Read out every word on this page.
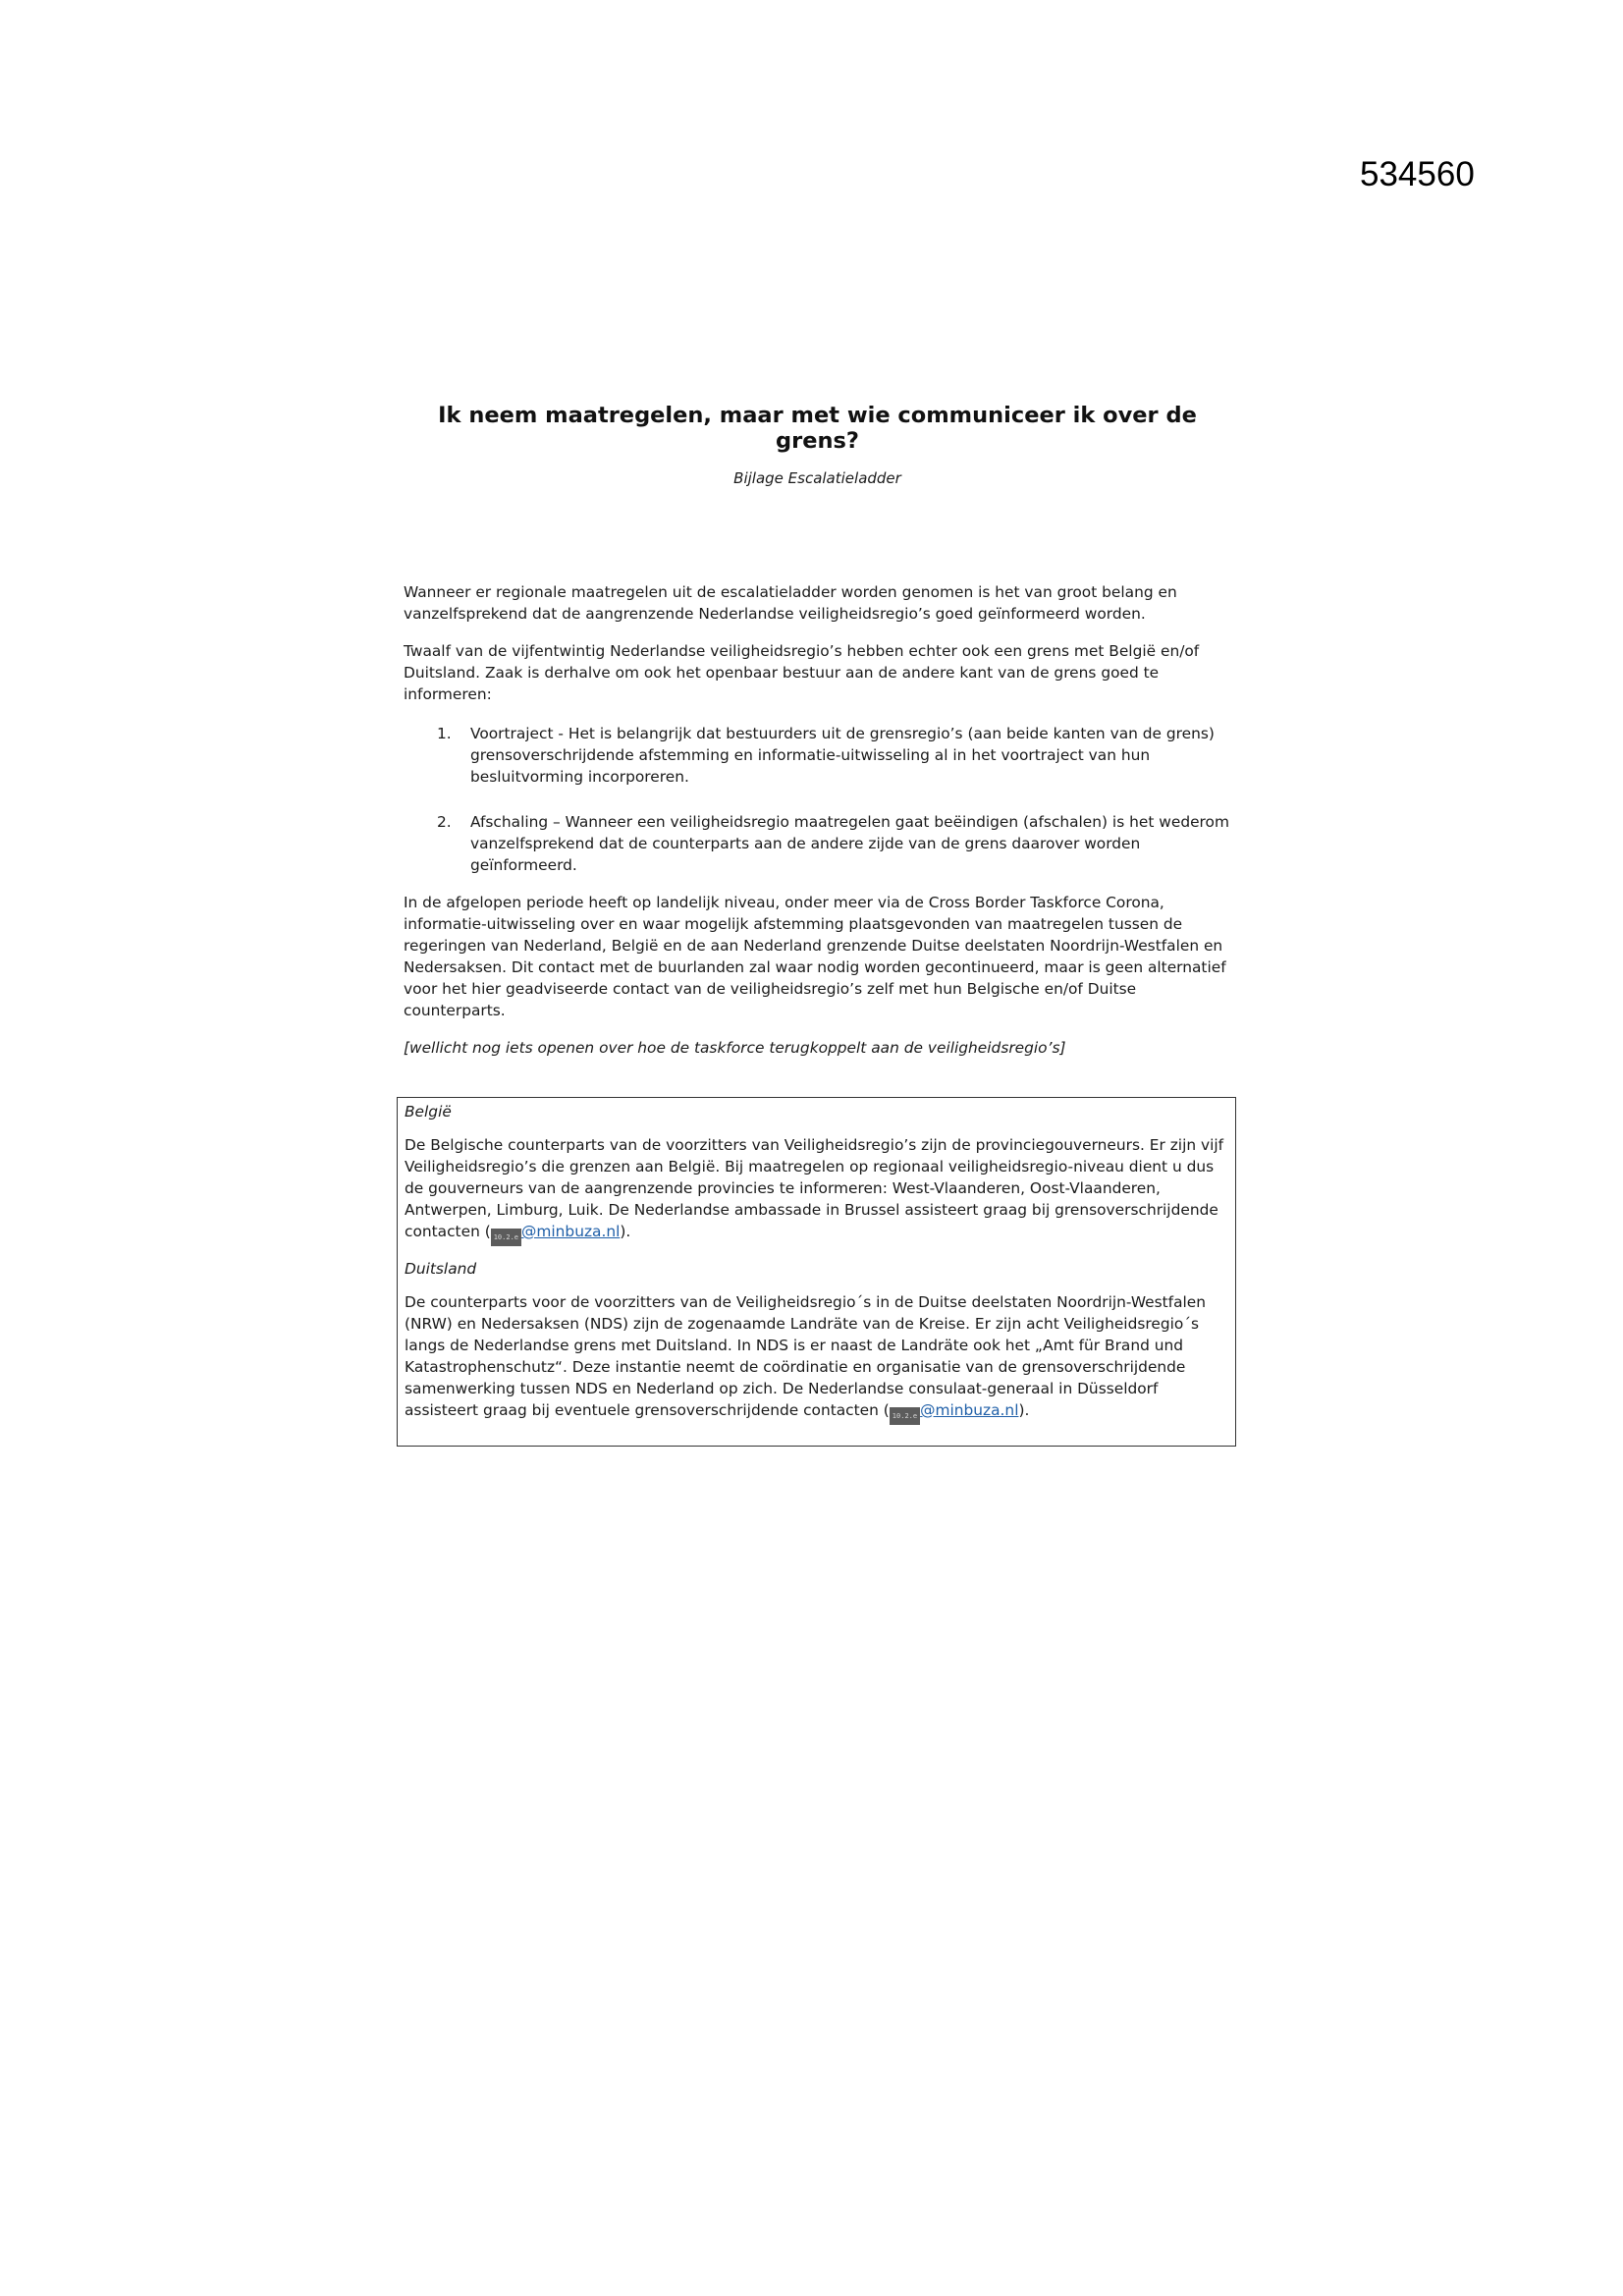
534560
Ik neem maatregelen, maar met wie communiceer ik over de grens?

Bijlage Escalatieladder

Wanneer er regionale maatregelen uit de escalatieladder worden genomen is het van groot belang en vanzelfsprekend dat de aangrenzende Nederlandse veiligheidsregio’s goed geïnformeerd worden.

Twaalf van de vijfentwintig Nederlandse veiligheidsregio’s hebben echter ook een grens met België en/of Duitsland. Zaak is derhalve om ook het openbaar bestuur aan de andere kant van de grens goed te informeren:

1. Voortraject - Het is belangrijk dat bestuurders uit de grensregio’s (aan beide kanten van de grens) grensoverschrijdende afstemming en informatie-uitwisseling al in het voortraject van hun besluitvorming incorporeren.
2. Afschaling – Wanneer een veiligheidsregio maatregelen gaat beëindigen (afschalen) is het wederom vanzelfsprekend dat de counterparts aan de andere zijde van de grens daarover worden geïnformeerd.

In de afgelopen periode heeft op landelijk niveau, onder meer via de Cross Border Taskforce Corona, informatie-uitwisseling over en waar mogelijk afstemming plaatsgevonden van maatregelen tussen de regeringen van Nederland, België en de aan Nederland grenzende Duitse deelstaten Noordrijn-Westfalen en Nedersaksen. Dit contact met de buurlanden zal waar nodig worden gecontinueerd, maar is geen alternatief voor het hier geadviseerde contact van de veiligheidsregio’s zelf met hun Belgische en/of Duitse counterparts.

[wellicht nog iets openen over hoe de taskforce terugkoppelt aan de veiligheidsregio’s]

België

De Belgische counterparts van de voorzitters van Veiligheidsregio’s zijn de provinciegouverneurs. Er zijn vijf Veiligheidsregio’s die grenzen aan België. Bij maatregelen op regionaal veiligheidsregio-niveau dient u dus de gouverneurs van de aangrenzende provincies te informeren: West-Vlaanderen, Oost-Vlaanderen, Antwerpen, Limburg, Luik. De Nederlandse ambassade in Brussel assisteert graag bij grensoverschrijdende contacten ( 10.2.e @minbuza.nl).

Duitsland

De counterparts voor de voorzitters van de Veiligheidsregio´s in de Duitse deelstaten Noordrijn-Westfalen (NRW) en Nedersaksen (NDS) zijn de zogenaamde Landräte van de Kreise. Er zijn acht Veiligheidsregio´s langs de Nederlandse grens met Duitsland. In NDS is er naast de Landräte ook het „Amt für Brand und Katastrophenschutz“. Deze instantie neemt de coördinatie en organisatie van de grensoverschrijdende samenwerking tussen NDS en Nederland op zich. De Nederlandse consulaat-generaal in Düsseldorf assisteert graag bij eventuele grensoverschrijdende contacten ( 10.2.e @minbuza.nl).
